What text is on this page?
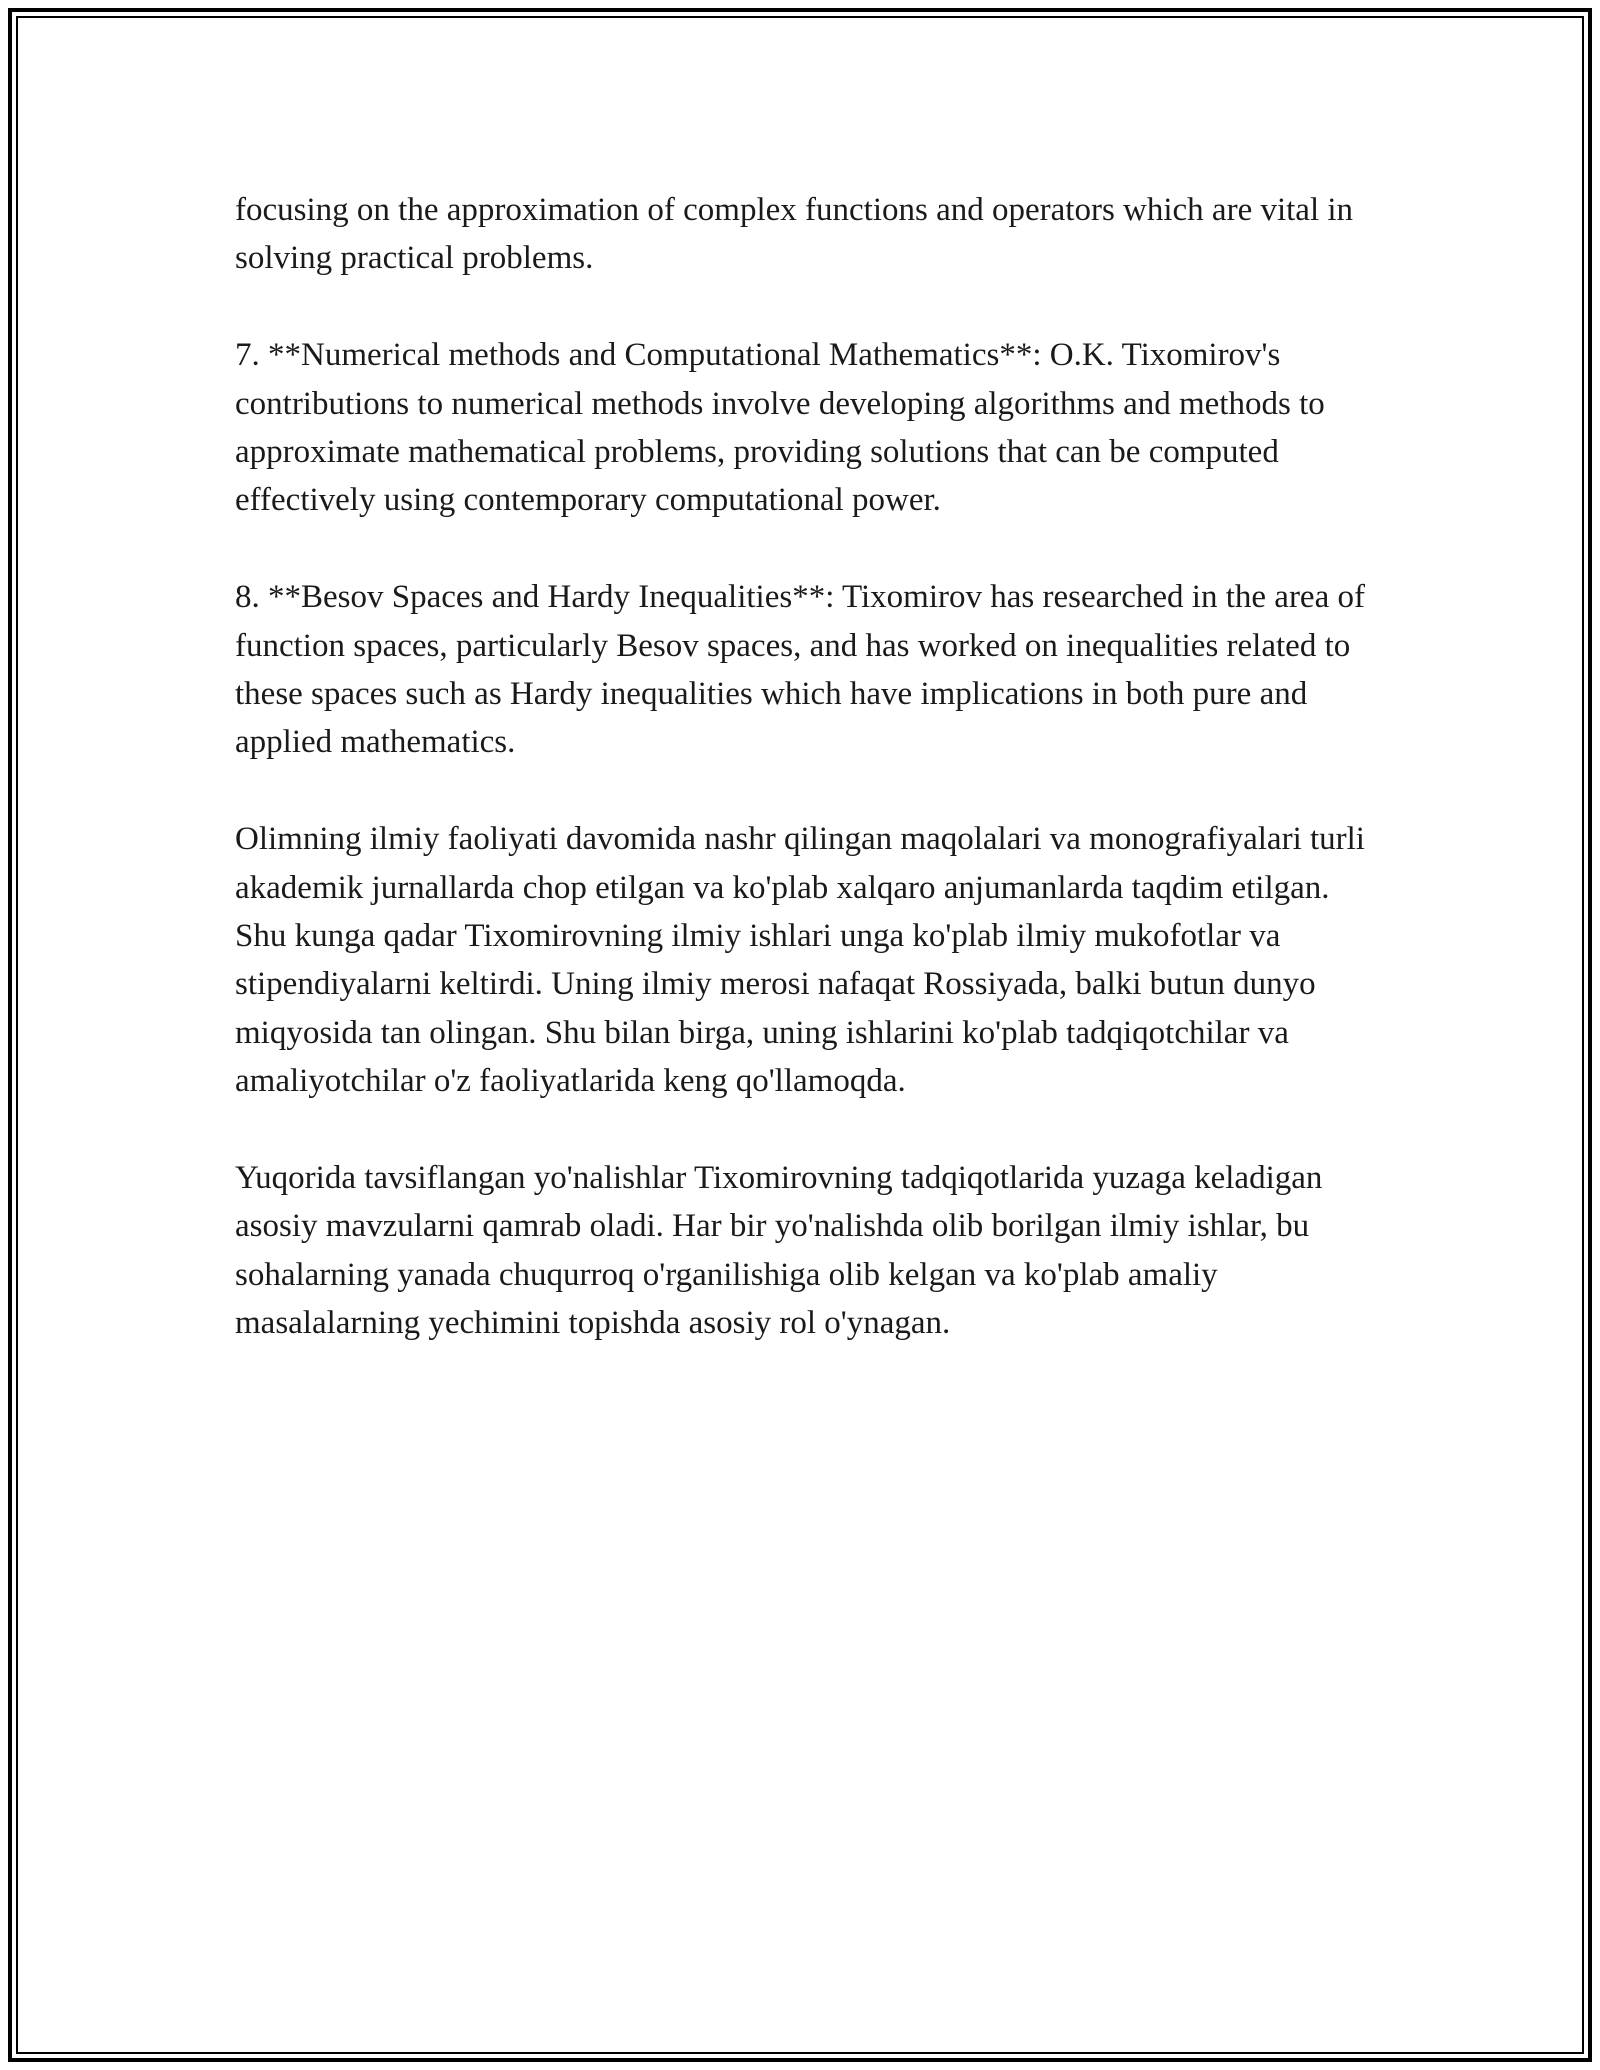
focusing on the approximation of complex functions and operators which are vital in solving practical problems.

7. **Numerical methods and Computational Mathematics**: O.K. Tixomirov's contributions to numerical methods involve developing algorithms and methods to approximate mathematical problems, providing solutions that can be computed effectively using contemporary computational power.

8. **Besov Spaces and Hardy Inequalities**: Tixomirov has researched in the area of function spaces, particularly Besov spaces, and has worked on inequalities related to these spaces such as Hardy inequalities which have implications in both pure and applied mathematics.

Olimning ilmiy faoliyati davomida nashr qilingan maqolalari va monografiyalari turli akademik jurnallarda chop etilgan va ko'plab xalqaro anjumanlarda taqdim etilgan. Shu kunga qadar Tixomirovning ilmiy ishlari unga ko'plab ilmiy mukofotlar va stipendiyalarni keltirdi. Uning ilmiy merosi nafaqat Rossiyada, balki butun dunyo miqyosida tan olingan. Shu bilan birga, uning ishlarini ko'plab tadqiqotchilar va amaliyotchilar o'z faoliyatlarida keng qo'llamoqda.

Yuqorida tavsiflangan yo'nalishlar Tixomirovning tadqiqotlarida yuzaga keladigan asosiy mavzularni qamrab oladi. Har bir yo'nalishda olib borilgan ilmiy ishlar, bu sohalarning yanada chuqurroq o'rganilishiga olib kelgan va ko'plab amaliy masalalarning yechimini topishda asosiy rol o'ynagan.
